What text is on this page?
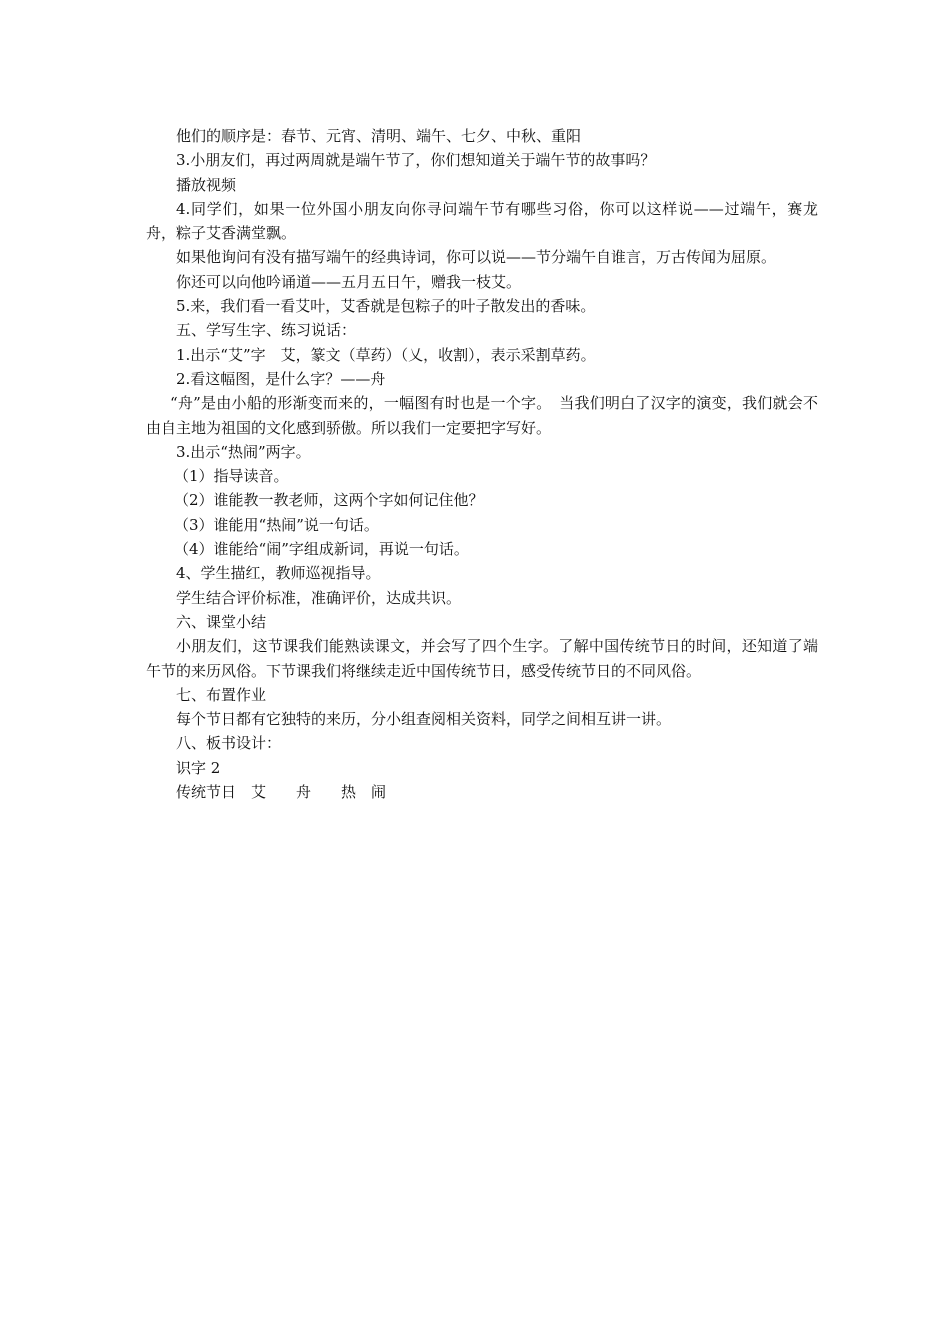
他们的顺序是：春节、元宵、清明、端午、七夕、中秋、重阳

3.小朋友们，再过两周就是端午节了，你们想知道关于端午节的故事吗？

播放视频

4.同学们，如果一位外国小朋友向你寻问端午节有哪些习俗，你可以这样说——过端午，赛龙舟，粽子艾香满堂飘。

如果他询问有没有描写端午的经典诗词，你可以说——节分端午自谁言，万古传闻为屈原。

你还可以向他吟诵道——五月五日午，赠我一枝艾。

5.来，我们看一看艾叶，艾香就是包粽子的叶子散发出的香味。

五、学写生字、练习说话：

1.出示“艾”字　艾，篆文（草药）（乂，收割），表示采割草药。

2.看这幅图，是什么字？——舟

“舟”是由小船的形渐变而来的，一幅图有时也是一个字。　当我们明白了汉字的演变，我们就会不由自主地为祖国的文化感到骄傲。所以我们一定要把字写好。

3.出示“热闹”两字。

（1）指导读音。

（2）谁能教一教老师，这两个字如何记住他？

（3）谁能用“热闹”说一句话。

（4）谁能给“闹”字组成新词，再说一句话。

4、学生描红，教师巡视指导。

学生结合评价标准，准确评价，达成共识。

六、课堂小结

小朋友们，这节课我们能熟读课文，并会写了四个生字。了解中国传统节日的时间，还知道了端午节的来历风俗。下节课我们将继续走近中国传统节日，感受传统节日的不同风俗。

七、布置作业

每个节日都有它独特的来历，分小组查阅相关资料，同学之间相互讲一讲。

八、板书设计：

识字 2

传统节日　艾　　舟　　热　闹
